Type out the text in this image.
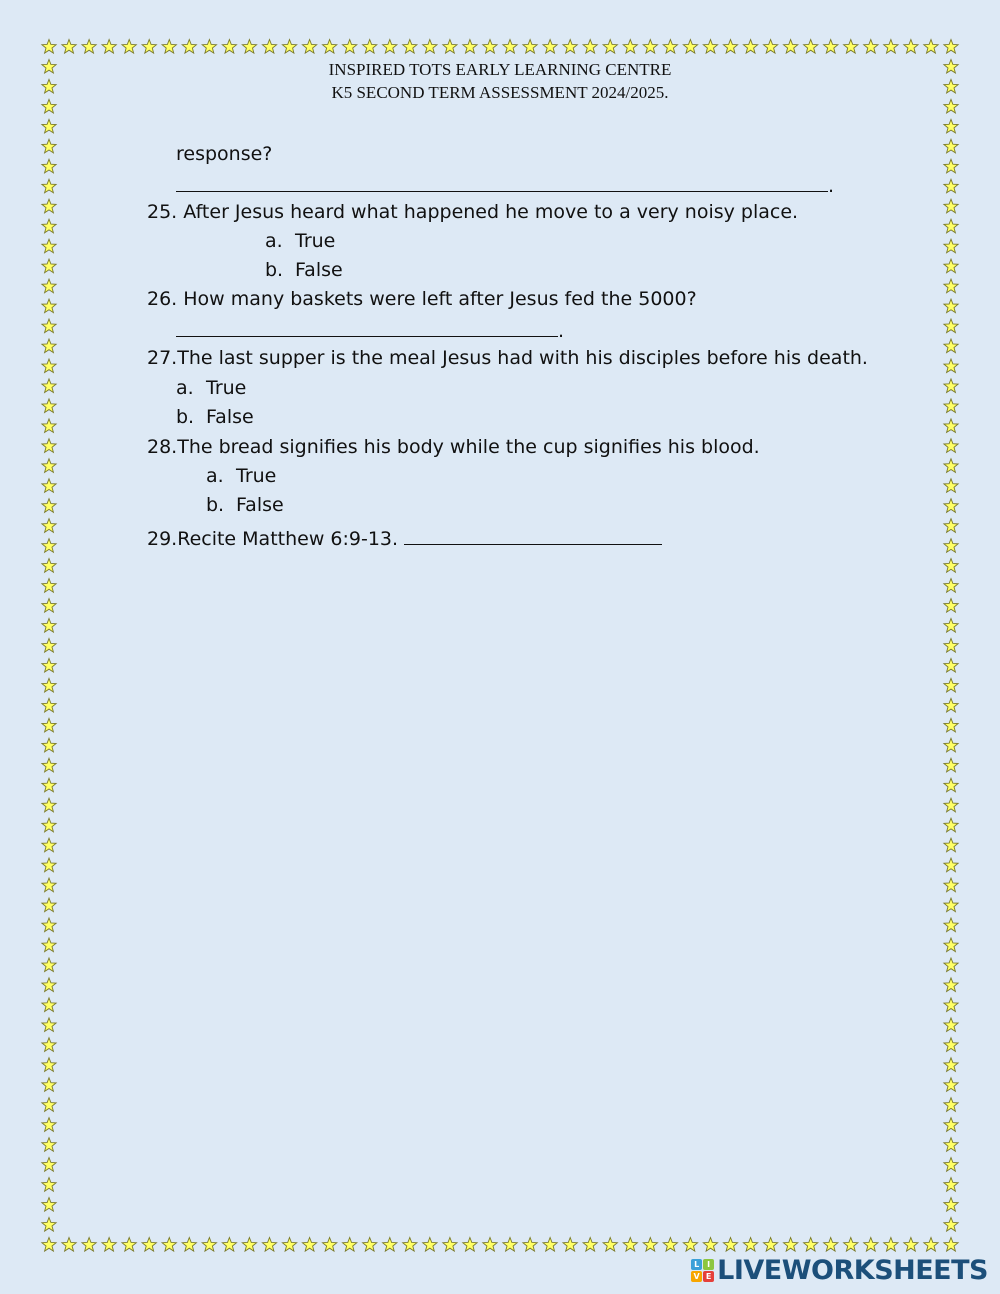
INSPIRED TOTS EARLY LEARNING CENTRE
K5 SECOND TERM ASSESSMENT 2024/2025.
response?
.
25. After Jesus heard what happened he move to a very noisy place.
a. True
b. False
26. How many baskets were left after Jesus fed the 5000?
.
27.The last supper is the meal Jesus had with his disciples before his death.
a. True
b. False
28.The bread signifies his body while the cup signifies his blood.
a. True
b. False
29.Recite Matthew 6:9-13.
L I
V E LIVEWORKSHEETS
